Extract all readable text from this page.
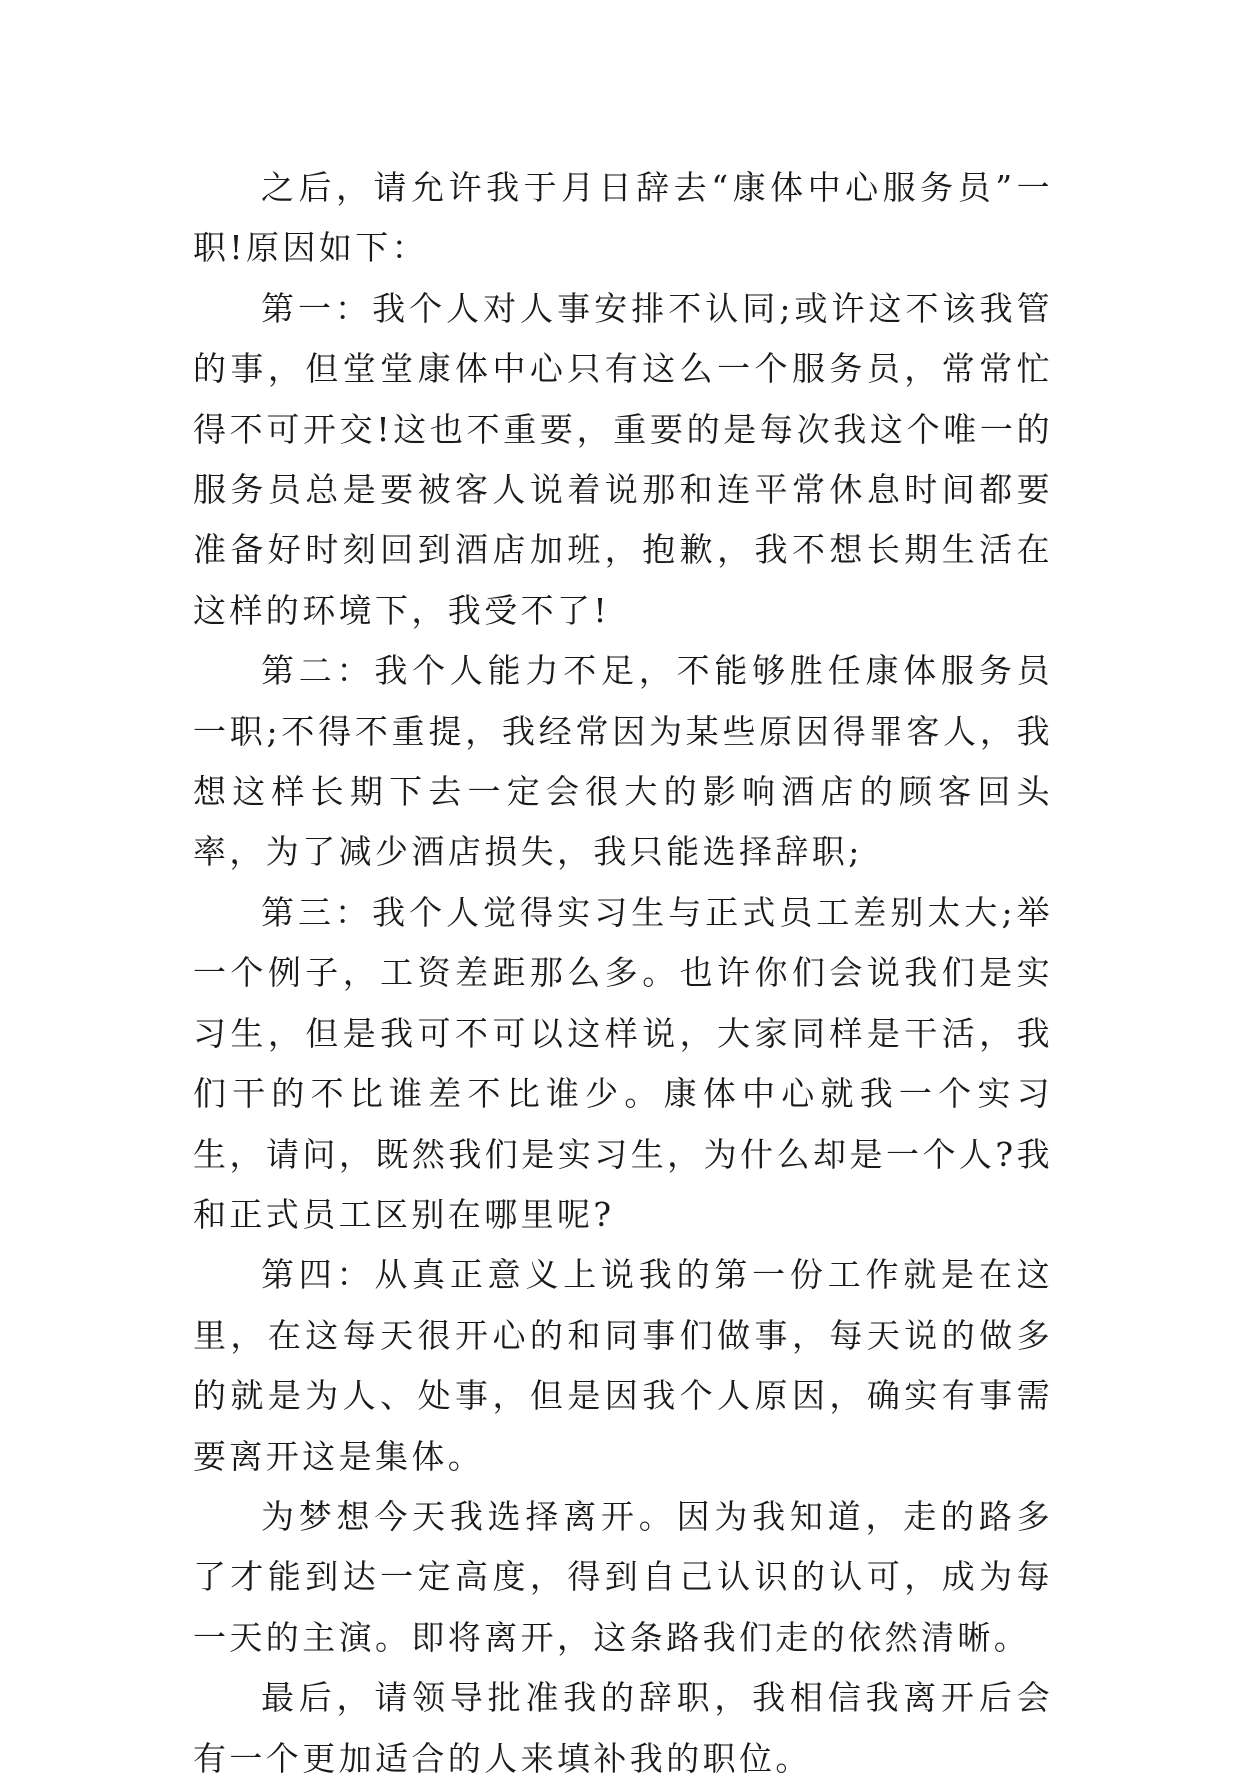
之后，请允许我于月日辞去“康体中心服务员”一职!原因如下：

第一：我个人对人事安排不认同;或许这不该我管的事，但堂堂康体中心只有这么一个服务员，常常忙得不可开交!这也不重要，重要的是每次我这个唯一的服务员总是要被客人说着说那和连平常休息时间都要准备好时刻回到酒店加班，抱歉，我不想长期生活在这样的环境下，我受不了!

第二：我个人能力不足，不能够胜任康体服务员一职;不得不重提，我经常因为某些原因得罪客人，我想这样长期下去一定会很大的影响酒店的顾客回头率，为了减少酒店损失，我只能选择辞职;

第三：我个人觉得实习生与正式员工差别太大;举一个例子，工资差距那么多。也许你们会说我们是实习生，但是我可不可以这样说，大家同样是干活，我们干的不比谁差不比谁少。康体中心就我一个实习生，请问，既然我们是实习生，为什么却是一个人?我和正式员工区别在哪里呢?

第四：从真正意义上说我的第一份工作就是在这里，在这每天很开心的和同事们做事，每天说的做多的就是为人、处事，但是因我个人原因，确实有事需要离开这是集体。

为梦想今天我选择离开。因为我知道，走的路多了才能到达一定高度，得到自己认识的认可，成为每一天的主演。即将离开，这条路我们走的依然清晰。

最后，请领导批准我的辞职，我相信我离开后会有一个更加适合的人来填补我的职位。
